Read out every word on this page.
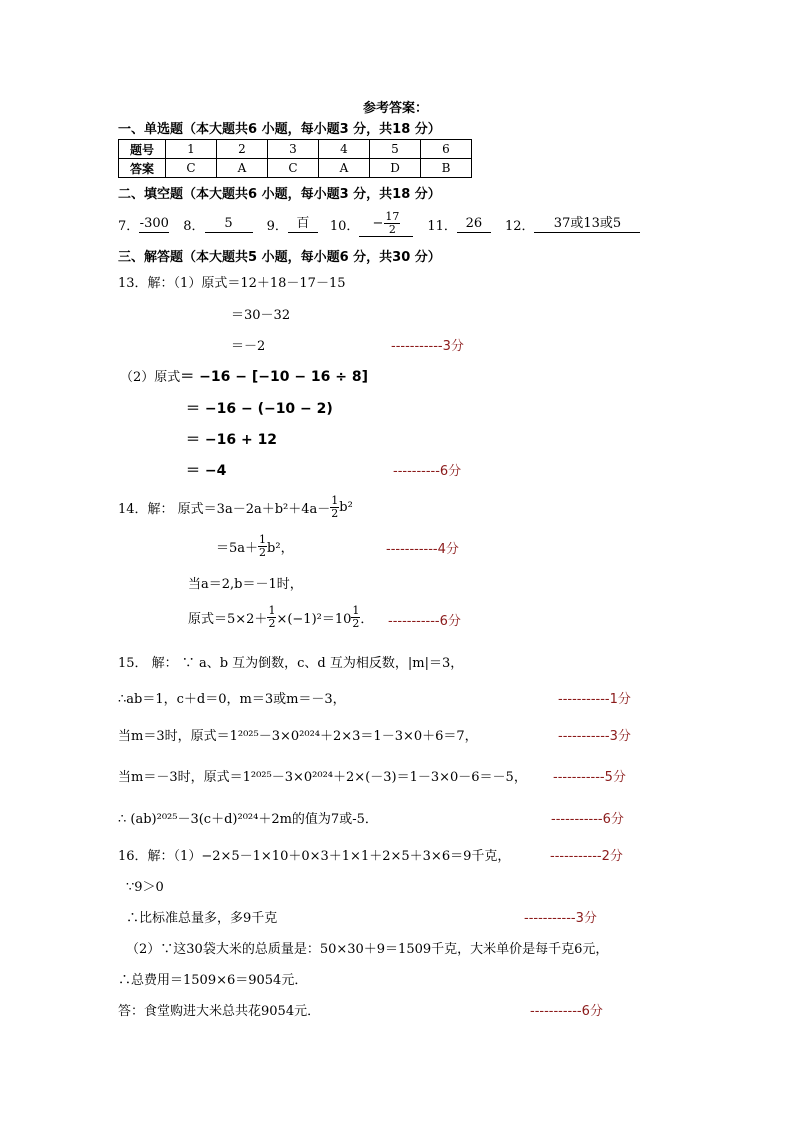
参考答案：
一、单选题（本大题共6 小题，每小题3 分，共18 分）
题号	1	2	3	4	5	6
答案	C	A	C	A	D	B
二、填空题（本大题共6 小题，每小题3 分，共18 分）
7． -300 8．	5	9． 百	10． − $\frac{17}{2} 11$． 26	12．	37或13或5
三、解答题（本大题共5 小题，每小题6 分，共30 分）
13．解：（1）原式＝12＋18－17－15
＝30－32
＝－2	-----------3分
（2）原式＝ −16 − [−10 − 16 ÷ 8]
＝ −16 − (−10 − 2)
＝ −16 + 12
＝ −4	----------6分
14．解： 原式$=3a-2a+b^2+4a- \frac{1}{2} b^2$
$=5a+ \frac{1}{2} b^2$，	-----------4分
当a＝2,b＝－1时，
原式$=5\times 2+ \frac{1}{2} \times(-1)^2=10 \frac{1}{2}$ ． -----------6分
15． 解： ∵ a、b 互为倒数，c、d 互为相反数，|m|＝3，
∴ab＝1，c＋d＝0，m＝3或m＝－3，	-----------1分
当m＝3时，原式＝1²⁰²⁵－3×0²⁰²⁴＋2×3＝1－3×0＋6＝7，	-----------3分
当m＝－3时，原式＝1²⁰²⁵－3×0²⁰²⁴＋2×(－3)＝1－3×0－6＝－5， -----------5分
∴ (ab)²⁰²⁵－3(c＋d)²⁰²⁴＋2m的值为7或-5．	-----------6分
16．解：（1）−2×5－1×10＋0×3＋1×1＋2×5＋3×6＝9千克，	-----------2分
∵9＞0
∴比标准总量多，多9千克	-----------3分
（2）∵这30袋大米的总质量是：50×30＋9＝1509千克，大米单价是每千克6元，
∴总费用＝1509×6＝9054元．
答：食堂购进大米总共花9054元．	-----------6分
